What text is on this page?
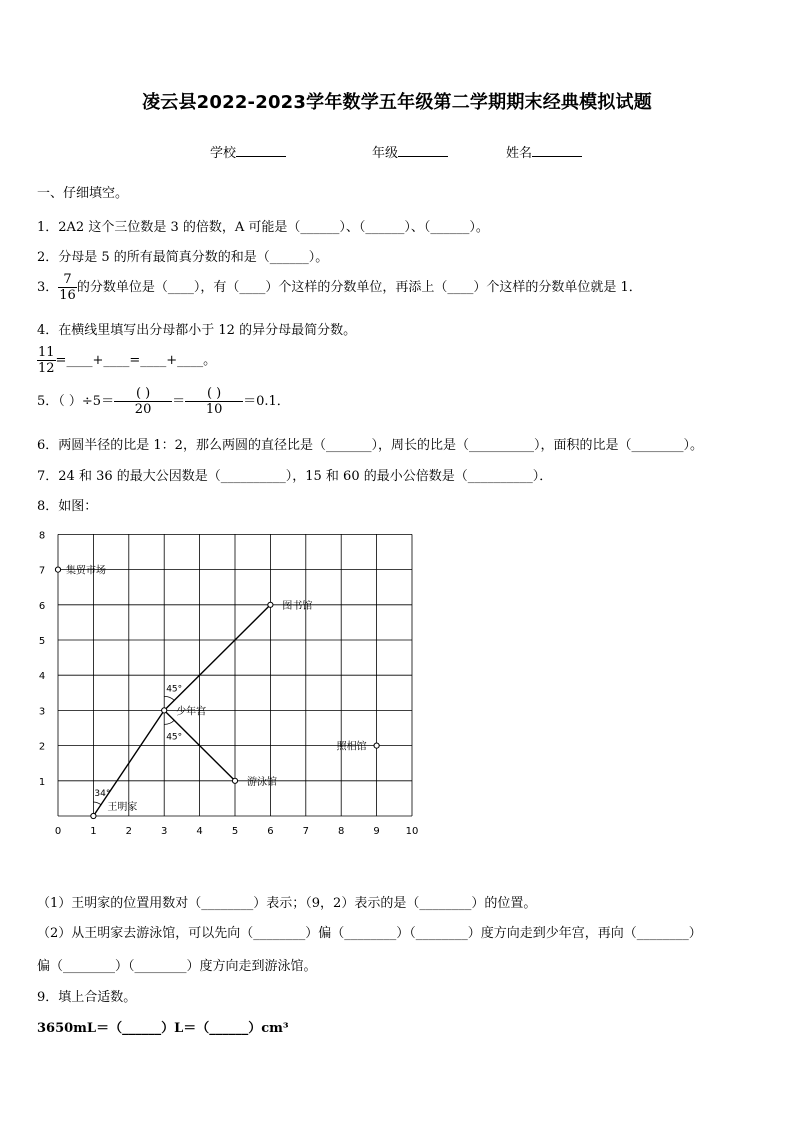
凌云县2022-2023学年数学五年级第二学期期末经典模拟试题
学校	年级	姓名
一、仔细填空。
1．2A2 这个三位数是 3 的倍数，A 可能是（______）、（______）、（______）。
2．分母是 5 的所有最简真分数的和是（______）。
3． $\frac{7}{16}$ 的分数单位是（____），有（____）个这样的分数单位，再添上（____）个这样的分数单位就是 1．
4．在横线里填写出分母都小于 12 的异分母最简分数。
$\frac{11}{12}$ =____+____=____+____。
5．（ ）$\div 5= \frac{( )}{20} = \frac{( )}{10} =0.1$．
6．两圆半径的比是 1：2，那么两圆的直径比是（_______），周长的比是（__________），面积的比是（________）。
7．24 和 36 的最大公因数是（__________），15 和 60 的最小公倍数是（__________）．
8．如图：
0	1	2	3	4	5	6	7	8	9	10
1
2
3
4
5
6
7
8
集贸市场
图书馆
少年宫
照相馆
游泳馆
王明家
45°
45°
34°
（1）王明家的位置用数对（________）表示；（9，2）表示的是（________）的位置。
（2）从王明家去游泳馆，可以先向（________）偏（________）（________）度方向走到少年宫，再向（________）
偏（________）（________）度方向走到游泳馆。
9．填上合适数。
3650mL＝（______）L＝（______）cm³
